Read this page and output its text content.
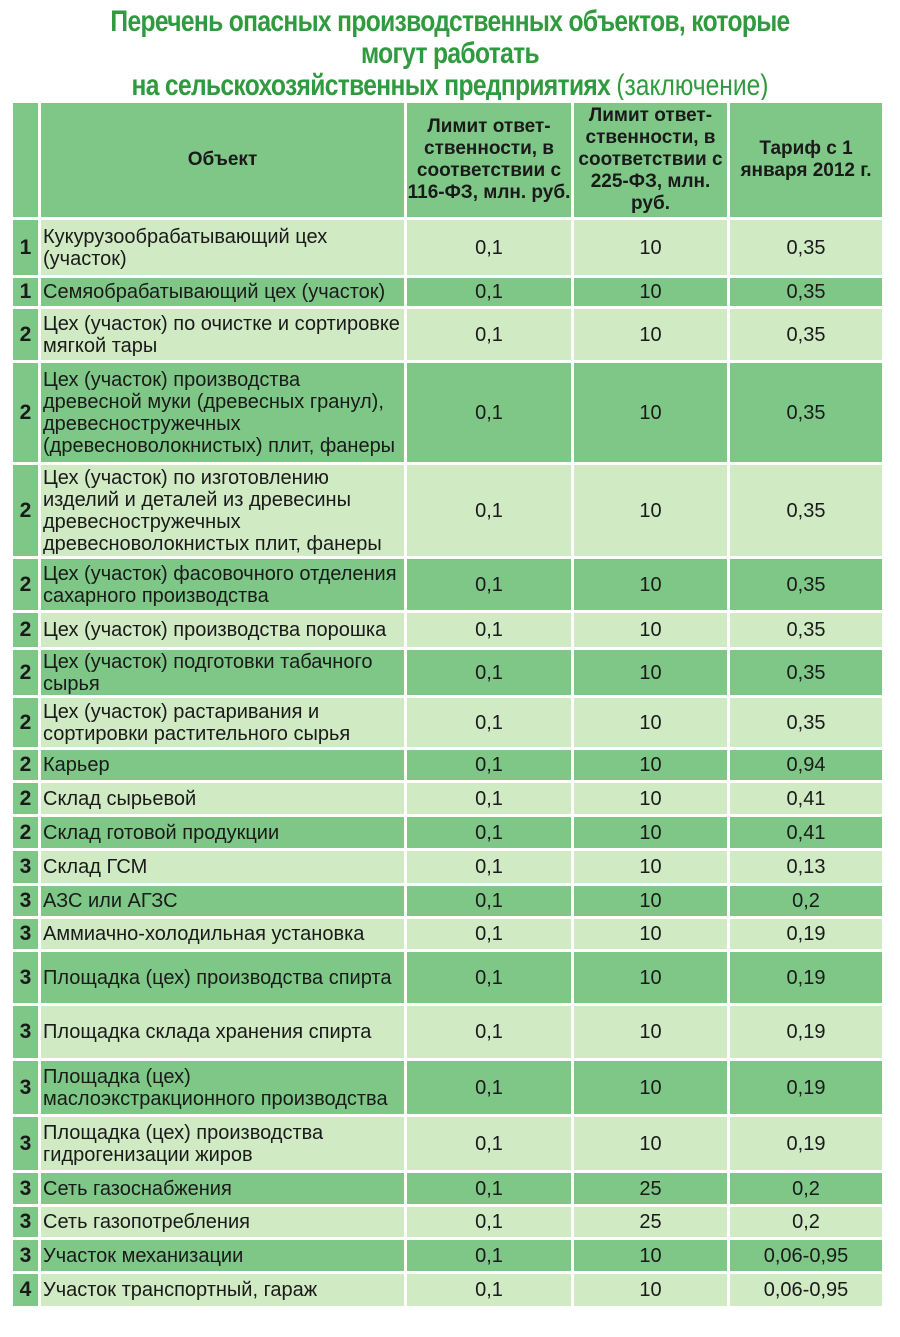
Перечень опасных производственных объектов, которые могут работать
на сельскохозяйственных предприятиях (заключение)
	Объект	Лимит ответ-ственности, в соответствии с 116-ФЗ, млн. руб.	Лимит ответ-ственности, в соответствии с 225-ФЗ, млн. руб.	Тариф с 1 января 2012 г.
1	Кукурузообрабатывающий цех (участок)	0,1	10	0,35
1	Семяобрабатывающий цех (участок)	0,1	10	0,35
2	Цех (участок) по очистке и сортировке мягкой тары	0,1	10	0,35
2	Цех (участок) производства древесной муки (древесных гранул), древесностружечных (древесноволокнистых) плит, фанеры	0,1	10	0,35
2	Цех (участок) по изготовлению изделий и деталей из древесины древесностружечных древесноволокнистых плит, фанеры	0,1	10	0,35
2	Цех (участок) фасовочного отделения сахарного производства	0,1	10	0,35
2	Цех (участок) производства порошка	0,1	10	0,35
2	Цех (участок) подготовки табачного сырья	0,1	10	0,35
2	Цех (участок) растаривания и сортировки растительного сырья	0,1	10	0,35
2	Карьер	0,1	10	0,94
2	Склад сырьевой	0,1	10	0,41
2	Склад готовой продукции	0,1	10	0,41
3	Склад ГСМ	0,1	10	0,13
3	АЗС или АГЗС	0,1	10	0,2
3	Аммиачно-холодильная установка	0,1	10	0,19
3	Площадка (цех) производства спирта	0,1	10	0,19
3	Площадка склада хранения спирта	0,1	10	0,19
3	Площадка (цех) маслоэкстракционного производства	0,1	10	0,19
3	Площадка (цех) производства гидрогенизации жиров	0,1	10	0,19
3	Сеть газоснабжения	0,1	25	0,2
3	Сеть газопотребления	0,1	25	0,2
3	Участок механизации	0,1	10	0,06-0,95
4	Участок транспортный, гараж	0,1	10	0,06-0,95
